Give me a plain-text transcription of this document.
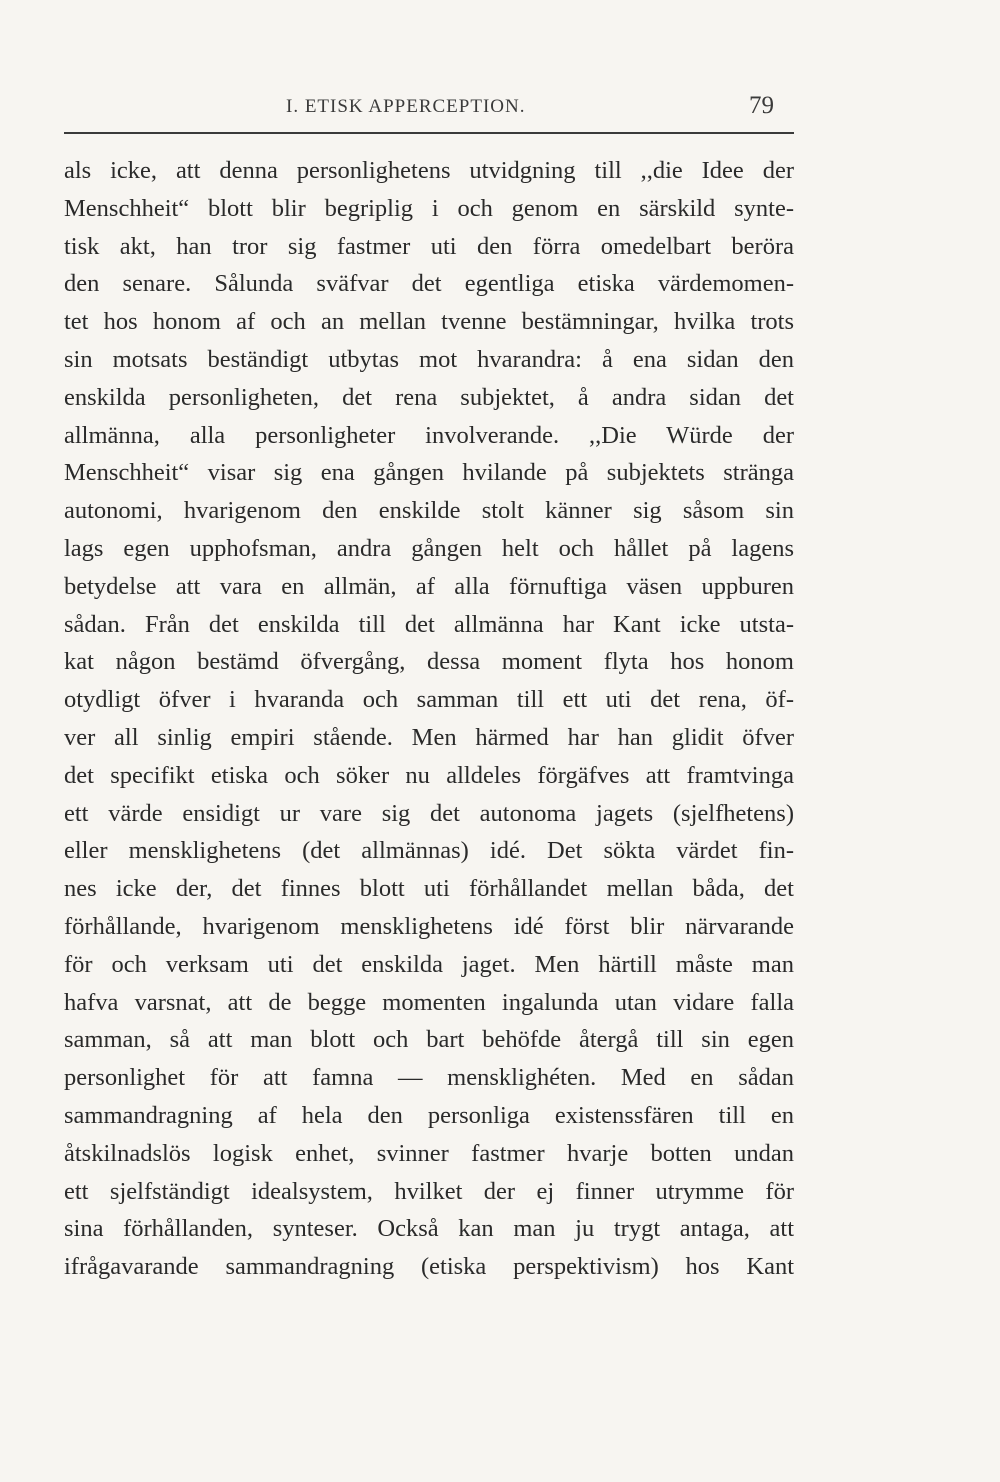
I. ETISK APPERCEPTION.	79
als icke, att denna personlighetens utvidgning till ,,die Idee der
Menschheit“ blott blir begriplig i och genom en särskild synte-
tisk akt, han tror sig fastmer uti den förra omedelbart beröra
den senare. Sålunda sväfvar det egentliga etiska värdemomen-
tet hos honom af och an mellan tvenne bestämningar, hvilka trots
sin motsats beständigt utbytas mot hvarandra: å ena sidan den
enskilda personligheten, det rena subjektet, å andra sidan det
allmänna, alla personligheter involverande. ,,Die Würde der
Menschheit“ visar sig ena gången hvilande på subjektets stränga
autonomi, hvarigenom den enskilde stolt känner sig såsom sin
lags egen upphofsman, andra gången helt och hållet på lagens
betydelse att vara en allmän, af alla förnuftiga väsen uppburen
sådan. Från det enskilda till det allmänna har Kant icke utsta-
kat någon bestämd öfvergång, dessa moment flyta hos honom
otydligt öfver i hvaranda och samman till ett uti det rena, öf-
ver all sinlig empiri stående. Men härmed har han glidit öfver
det specifikt etiska och söker nu alldeles förgäfves att framtvinga
ett värde ensidigt ur vare sig det autonoma jagets (sjelfhetens)
eller mensklighetens (det allmännas) idé. Det sökta värdet fin-
nes icke der, det finnes blott uti förhållandet mellan båda, det
förhållande, hvarigenom mensklighetens idé först blir närvarande
för och verksam uti det enskilda jaget. Men härtill måste man
hafva varsnat, att de begge momenten ingalunda utan vidare falla
samman, så att man blott och bart behöfde återgå till sin egen
personlighet för att famna — mensklighéten. Med en sådan
sammandragning af hela den personliga existenssfären till en
åtskilnadslös logisk enhet, svinner fastmer hvarje botten undan
ett sjelfständigt idealsystem, hvilket der ej finner utrymme för
sina förhållanden, synteser. Också kan man ju trygt antaga, att
ifrågavarande sammandragning (etiska perspektivism) hos Kant
